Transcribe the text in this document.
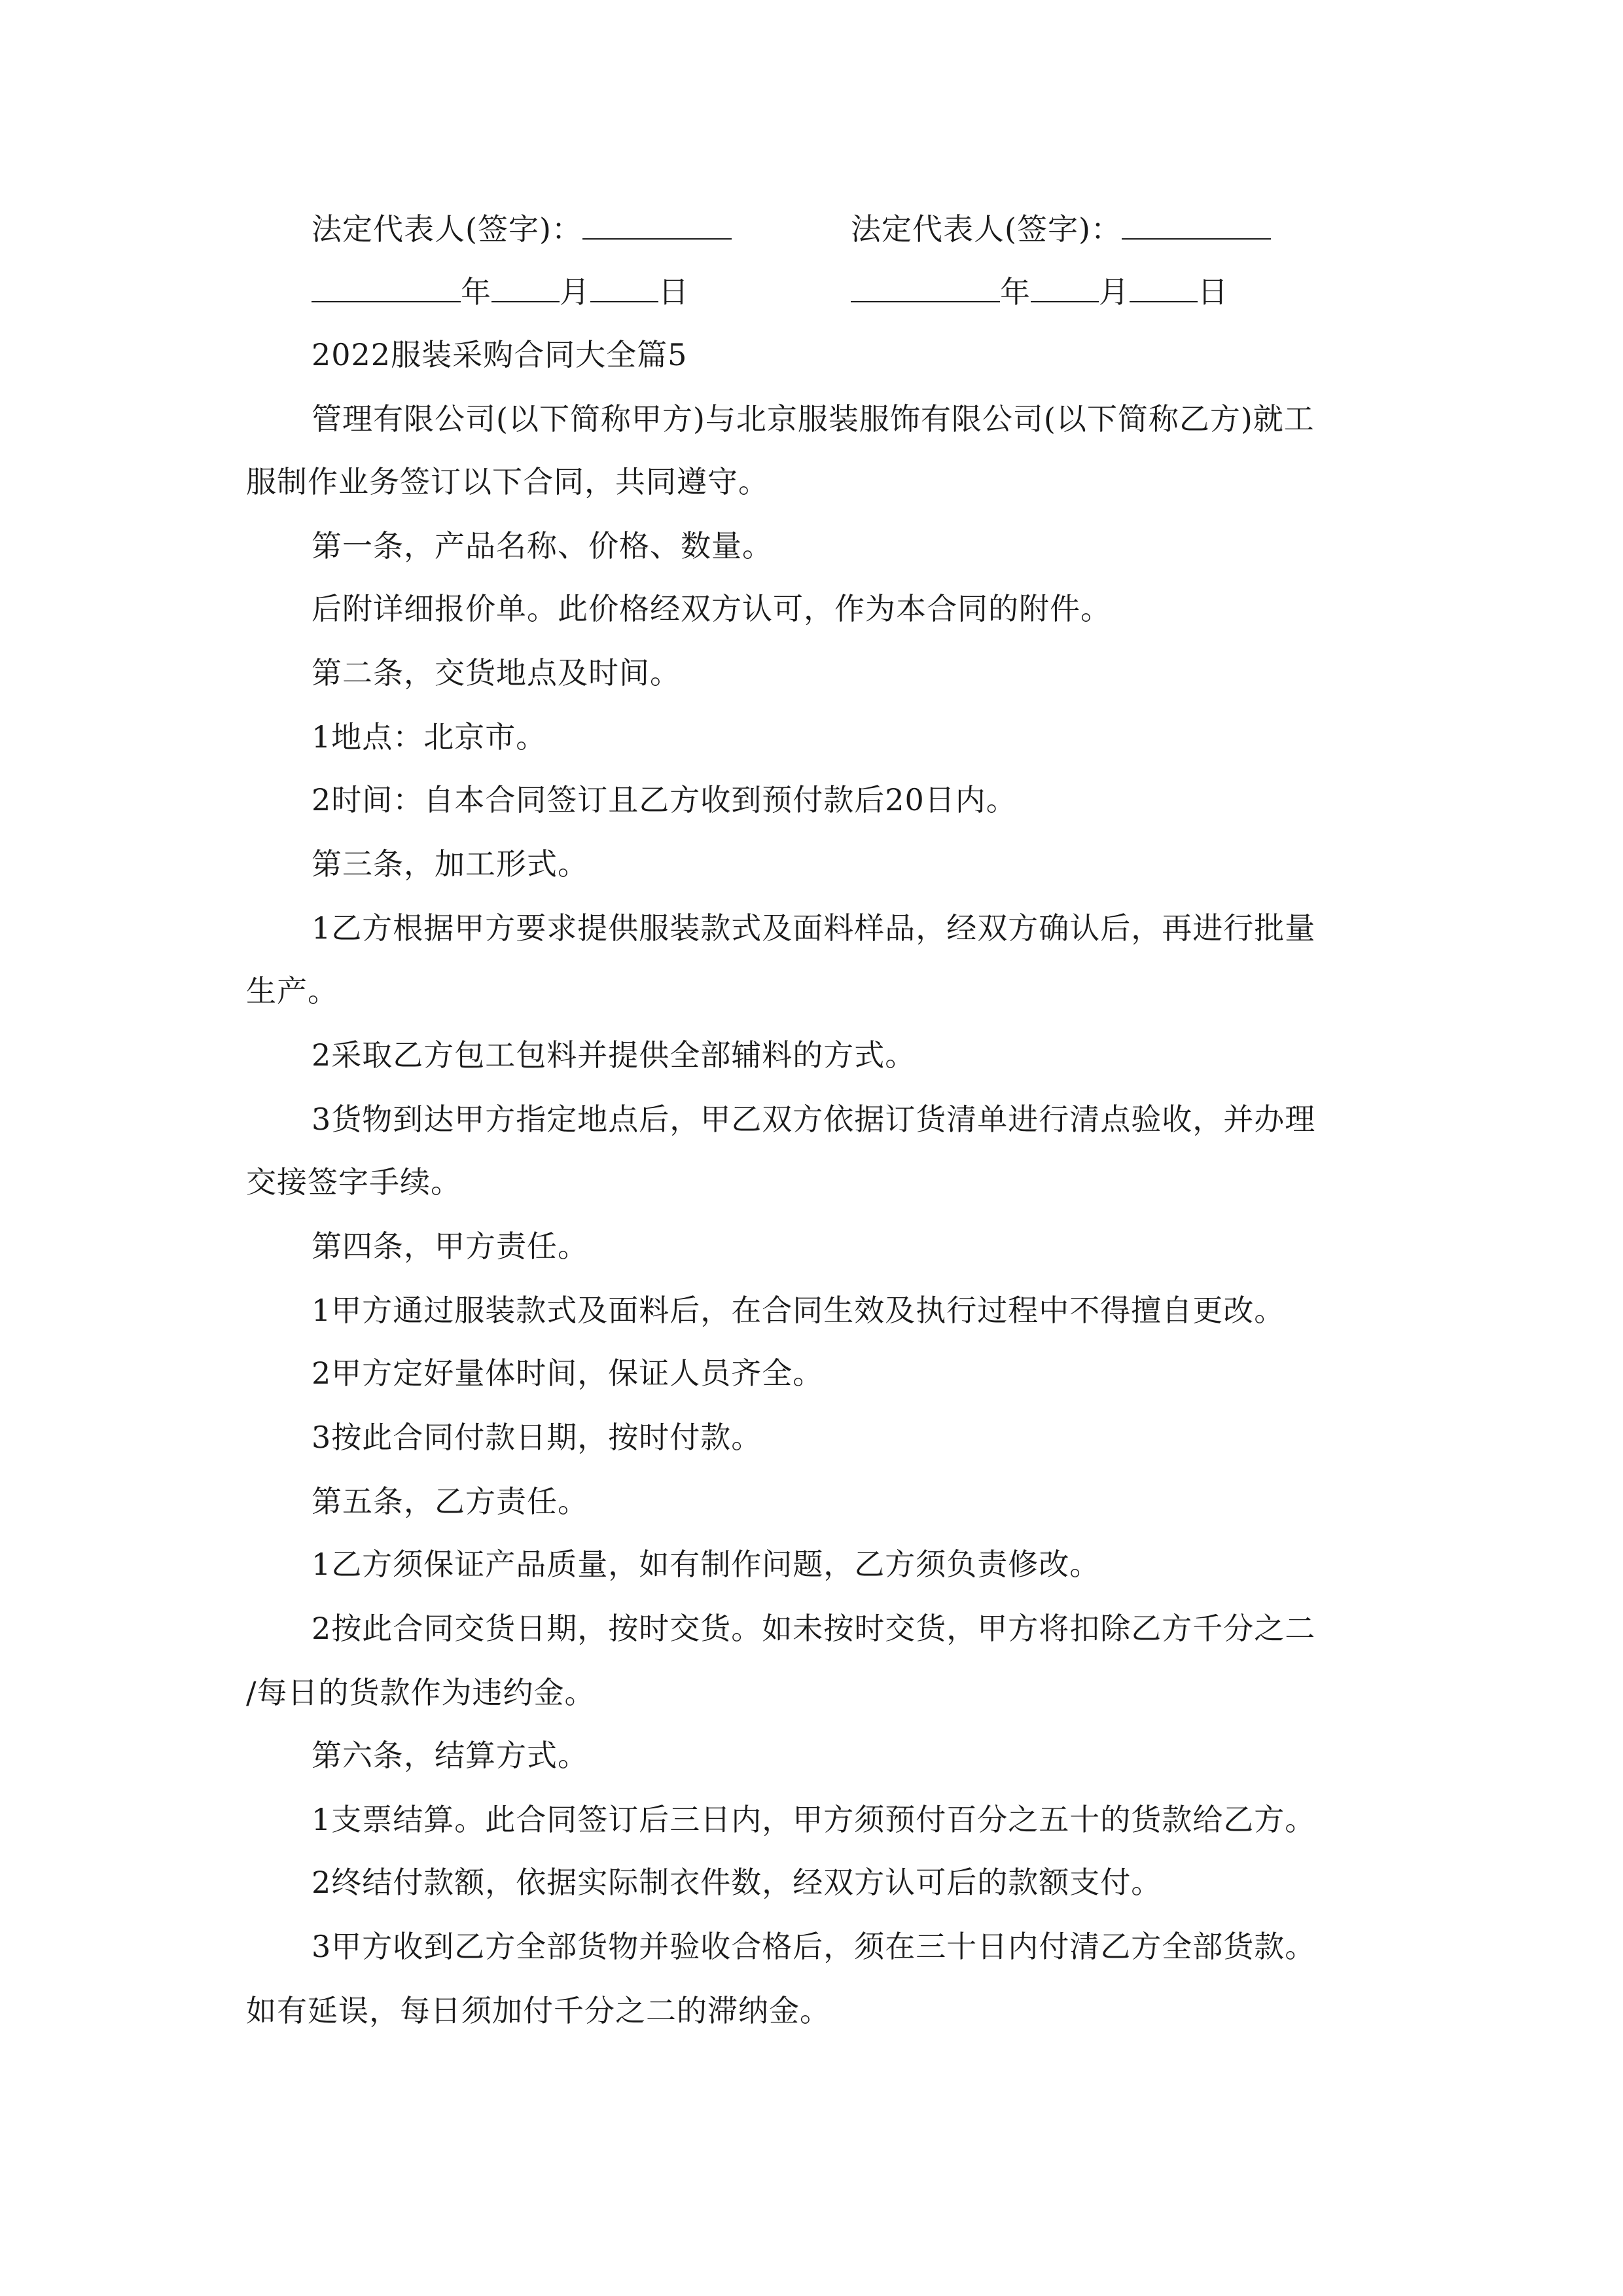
法定代表人(签字)：	法定代表人(签字)：
年 月 日	年 月 日
2022服装采购合同大全篇5
管理有限公司(以下简称甲方)与北京服装服饰有限公司(以下简称乙方)就工
服制作业务签订以下合同，共同遵守。
第一条，产品名称、价格、数量。
后附详细报价单。此价格经双方认可，作为本合同的附件。
第二条，交货地点及时间。
1地点：北京市。
2时间：自本合同签订且乙方收到预付款后20日内。
第三条，加工形式。
1乙方根据甲方要求提供服装款式及面料样品，经双方确认后，再进行批量
生产。
2采取乙方包工包料并提供全部辅料的方式。
3货物到达甲方指定地点后，甲乙双方依据订货清单进行清点验收，并办理
交接签字手续。
第四条，甲方责任。
1甲方通过服装款式及面料后，在合同生效及执行过程中不得擅自更改。
2甲方定好量体时间，保证人员齐全。
3按此合同付款日期，按时付款。
第五条，乙方责任。
1乙方须保证产品质量，如有制作问题，乙方须负责修改。
2按此合同交货日期，按时交货。如未按时交货，甲方将扣除乙方千分之二
/每日的货款作为违约金。
第六条，结算方式。
1支票结算。此合同签订后三日内，甲方须预付百分之五十的货款给乙方。
2终结付款额，依据实际制衣件数，经双方认可后的款额支付。
3甲方收到乙方全部货物并验收合格后，须在三十日内付清乙方全部货款。
如有延误，每日须加付千分之二的滞纳金。
